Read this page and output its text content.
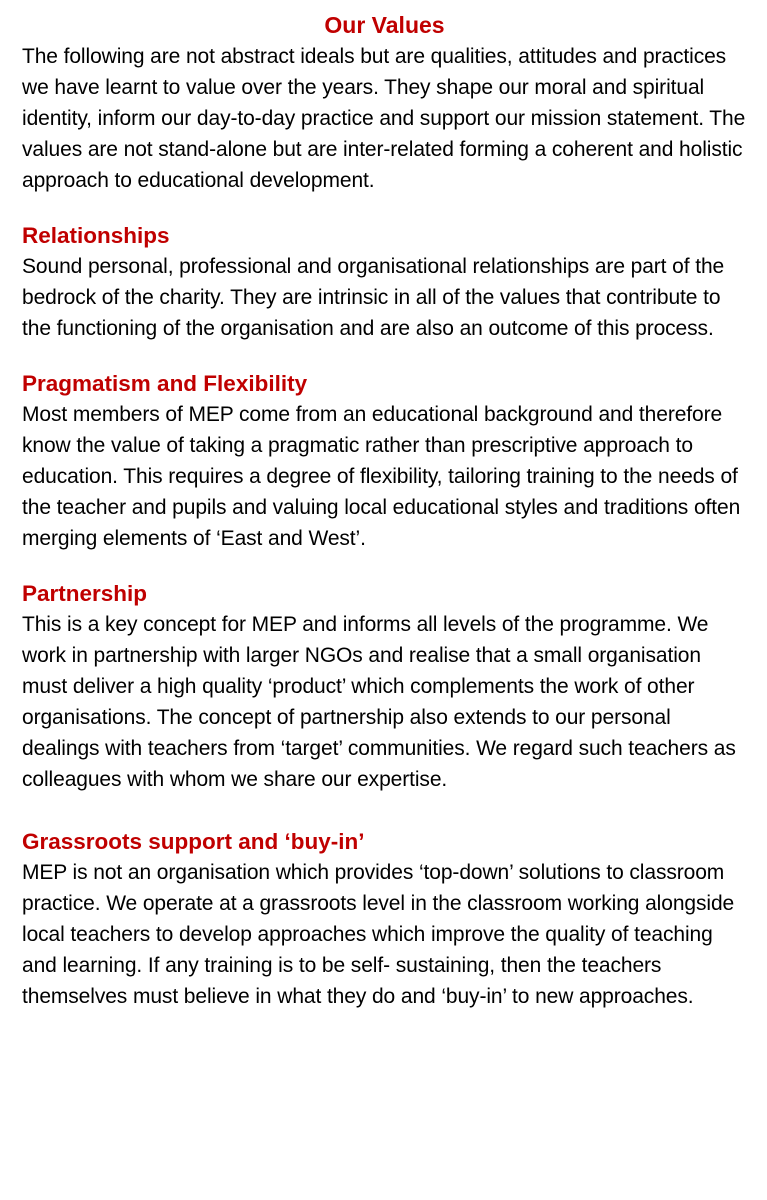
Our Values

The following are not abstract ideals but are qualities, attitudes and practices we have learnt to value over the years. They shape our moral and spiritual identity, inform our day-to-day practice and support our mission statement. The values are not stand-alone but are inter-related forming a coherent and holistic approach to educational development.

Relationships

Sound personal, professional and organisational relationships are part of the bedrock of the charity. They are intrinsic in all of the values that contribute to the functioning of the organisation and are also an outcome of this process.

Pragmatism and Flexibility

Most members of MEP come from an educational background and therefore know the value of taking a pragmatic rather than prescriptive approach to education. This requires a degree of flexibility, tailoring training to the needs of the teacher and pupils and valuing local educational styles and traditions often merging elements of ‘East and West’.

Partnership

This is a key concept for MEP and informs all levels of the programme. We work in partnership with larger NGOs and realise that a small organisation must deliver a high quality ‘product’ which complements the work of other organisations. The concept of partnership also extends to our personal dealings with teachers from ‘target’ communities. We regard such teachers as colleagues with whom we share our expertise.

Grassroots support and ‘buy-in’

MEP is not an organisation which provides ‘top-down’ solutions to classroom practice. We operate at a grassroots level in the classroom working alongside local teachers to develop approaches which improve the quality of teaching and learning. If any training is to be self- sustaining, then the teachers themselves must believe in what they do and ‘buy-in’ to new approaches.
